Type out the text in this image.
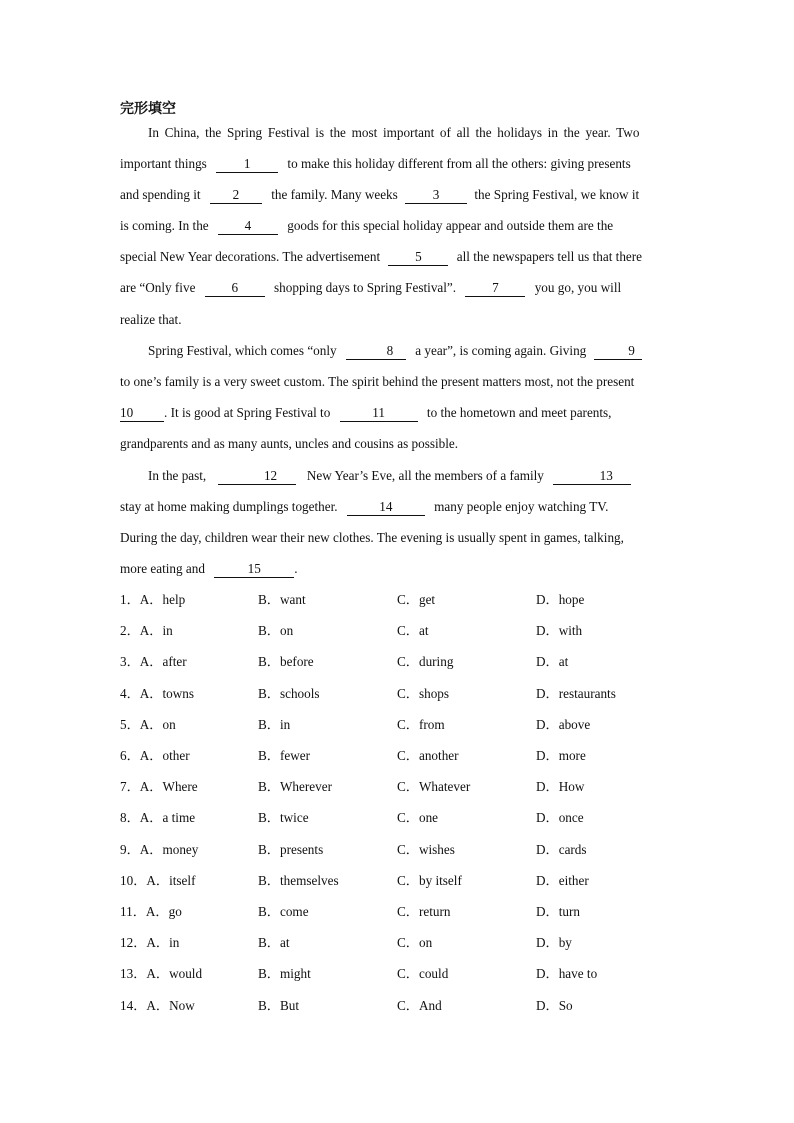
完形填空
In China, the Spring Festival is the most important of all the holidays in the year. Two
important things	1	to make this holiday different from all the others: giving presents
and spending it 2 the family. Many weeks	3	the Spring Festival, we know it
is coming. In the	4	goods for this special holiday appear and outside them are the
special New Year decorations. The advertisement	5	all the newspapers tell us that there
are “Only five	6	shopping days to Spring Festival”.	7	you go, you will
realize that.
Spring Festival, which comes “only	8 a year”, is coming again. Giving	9
to one’s family is a very sweet custom. The spirit behind the present matters most, not the present
10 . It is good at Spring Festival to	11	to the hometown and meet parents,
grandparents and as many aunts, uncles and cousins as possible.
In the past,	12 New Year’s Eve, all the members of a family	13
stay at home making dumplings together.	14	many people enjoy watching TV.
During the day, children wear their new clothes. The evening is usually spent in games, talking,
more eating and	15	.
1．A．help	B．want	C．get	D．hope
2．A．in	B．on	C．at	D．with
3．A．after	B．before	C．during	D．at
4．A．towns	B．schools	C．shops	D．restaurants
5．A．on	B．in	C．from	D．above
6．A．other	B．fewer	C．another	D．more
7．A．Where	B．Wherever	C．Whatever	D．How
8．A．a time	B．twice	C．one	D．once
9．A．money	B．presents	C．wishes	D．cards
10．A．itself	B．themselves	C．by itself	D．either
11．A．go	B．come	C．return	D．turn
12．A．in	B．at	C．on	D．by
13．A．would	B．might	C．could	D．have to
14．A．Now	B．But	C．And	D．So
